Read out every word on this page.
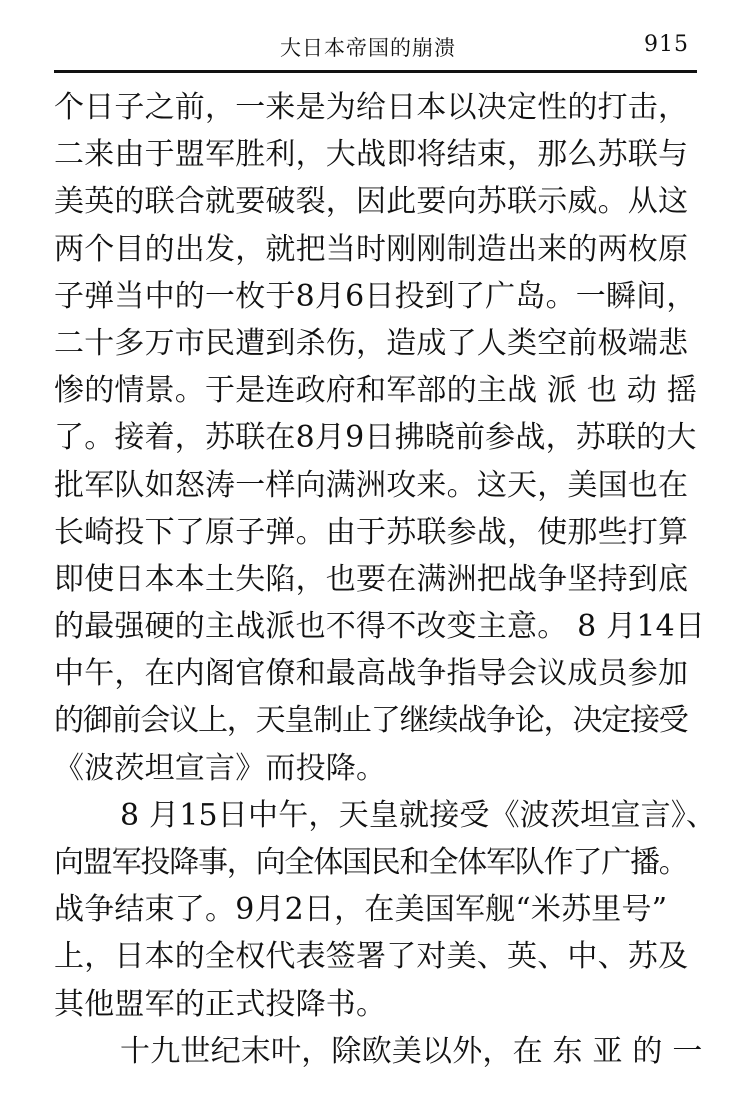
大日本帝国的崩溃	915
个日子之前，一来是为给日本以决定性的打击，
二来由于盟军胜利，大战即将结束，那么苏联与
美英的联合就要破裂，因此要向苏联示威。从这
两个目的出发，就把当时刚刚制造出来的两枚原
子弹当中的一枚于8月6日投到了广岛。一瞬间，
二十多万市民遭到杀伤，造成了人类空前极端悲
惨的情景。于是连政府和军部的主战 派 也 动 摇
了。接着，苏联在8月9日拂晓前参战，苏联的大
批军队如怒涛一样向满洲攻来。这天，美国也在
长崎投下了原子弹。由于苏联参战，使那些打算
即使日本本土失陷，也要在满洲把战争坚持到底
的最强硬的主战派也不得不改变主意。 8 月14日
中午，在内阁官僚和最高战争指导会议成员参加
的御前会议上，天皇制止了继续战争论，决定接受
《波茨坦宣言》而投降。
8 月15日中午，天皇就接受《波茨坦宣言》、
向盟军投降事，向全体国民和全体军队作了广播。
战争结束了。9月2日，在美国军舰“米苏里号”
上，日本的全权代表签署了对美、英、中、苏及
其他盟军的正式投降书。
十九世纪末叶，除欧美以外，在 东 亚 的 一
